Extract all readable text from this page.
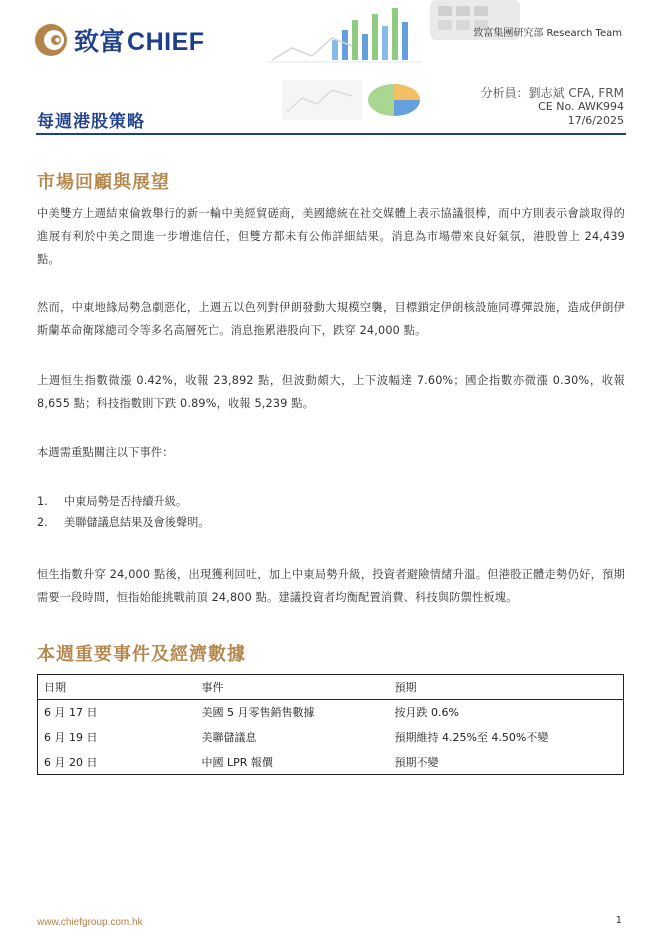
致富CHIEF	致富集團研究部 Research Team
分析員：劉志斌 CFA, FRM
CE No. AWK994
17/6/2025
每週港股策略
市場回顧與展望

中美雙方上週結束倫敦舉行的新一輪中美經貿磋商，美國總統在社交媒體上表示協議很棒，而中方則表示會談取得的進展有利於中美之間進一步增進信任，但雙方都未有公佈詳細結果。消息為市場帶來良好氣氛，港股曾上 24,439 點。

然而，中東地緣局勢急劇惡化，上週五以色列對伊朗發動大規模空襲，目標鎖定伊朗核設施同導彈設施，造成伊朗伊斯蘭革命衛隊總司令等多名高層死亡。消息拖累港股向下，跌穿 24,000 點。

上週恒生指數微漲 0.42%，收報 23,892 點，但波動頗大，上下波幅達 7.60%；國企指數亦微漲 0.30%，收報 8,655 點；科技指數則下跌 0.89%，收報 5,239 點。

本週需重點關注以下事件：

1.	中東局勢是否持續升級。
2.	美聯儲議息結果及會後聲明。

恒生指數升穿 24,000 點後，出現獲利回吐，加上中東局勢升級，投資者避險情緒升溫。但港股正體走勢仍好，預期需要一段時間，恒指始能挑戰前頂 24,800 點。建議投資者均衡配置消費、科技與防禦性板塊。

本週重要事件及經濟數據
日期	事件	預期
6 月 17 日	美國 5 月零售銷售數據	按月跌 0.6%
6 月 19 日	美聯儲議息	預期維持 4.25%至 4.50%不變
6 月 20 日	中國 LPR 報價	預期不變
www.chiefgroup.com.hk	1
